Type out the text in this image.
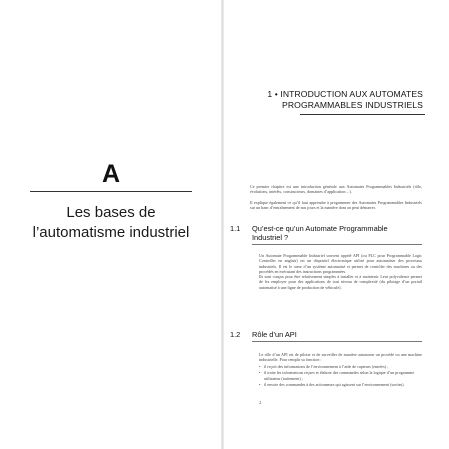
A
Les bases de
l’automatisme industriel
1 • INTRODUCTION AUX AUTOMATES
PROGRAMMABLES INDUSTRIELS

Ce premier chapitre est une introduction générale aux Automates Programmables Industriels (rôle, évolutions, intérêts, constructeurs, domaines d’application…).

Il explique également ce qu’il faut apprendre à programmer des Automates Programmables Industriels sur un banc d’entraînement de nos jours et la manière dont on peut démarrer.

1.1	Qu’est-ce qu’un Automate Programmable Industriel ?

Un Automate Programmable Industriel souvent appelé API (ou PLC pour Programmable Logic Controller en anglais) est un dispositif électronique utilisé pour automatiser des processus industriels. Il est le cœur d’un système automatisé et permet de contrôler des machines ou des procédés en exécutant des instructions programmées.

Ils sont conçus pour être relativement simples à installer et à maintenir. Leur polyvalence permet de les employer pour des applications de tout niveau de complexité (du pilotage d’un portail automatisé à une ligne de production de véhicule).

1.2	Rôle d’un API

Le rôle d’un API est de piloter et de surveiller de manière autonome un procédé ou une machine industrielle. Pour remplir sa fonction :

• il reçoit des informations de l’environnement à l’aide de capteurs (entrées) ;
• il traite les informations reçues et élabore des commandes selon la logique d’un programme utilisateur (traitement) ;
• il envoie des commandes à des actionneurs qui agissent sur l’environnement (sorties).
2
